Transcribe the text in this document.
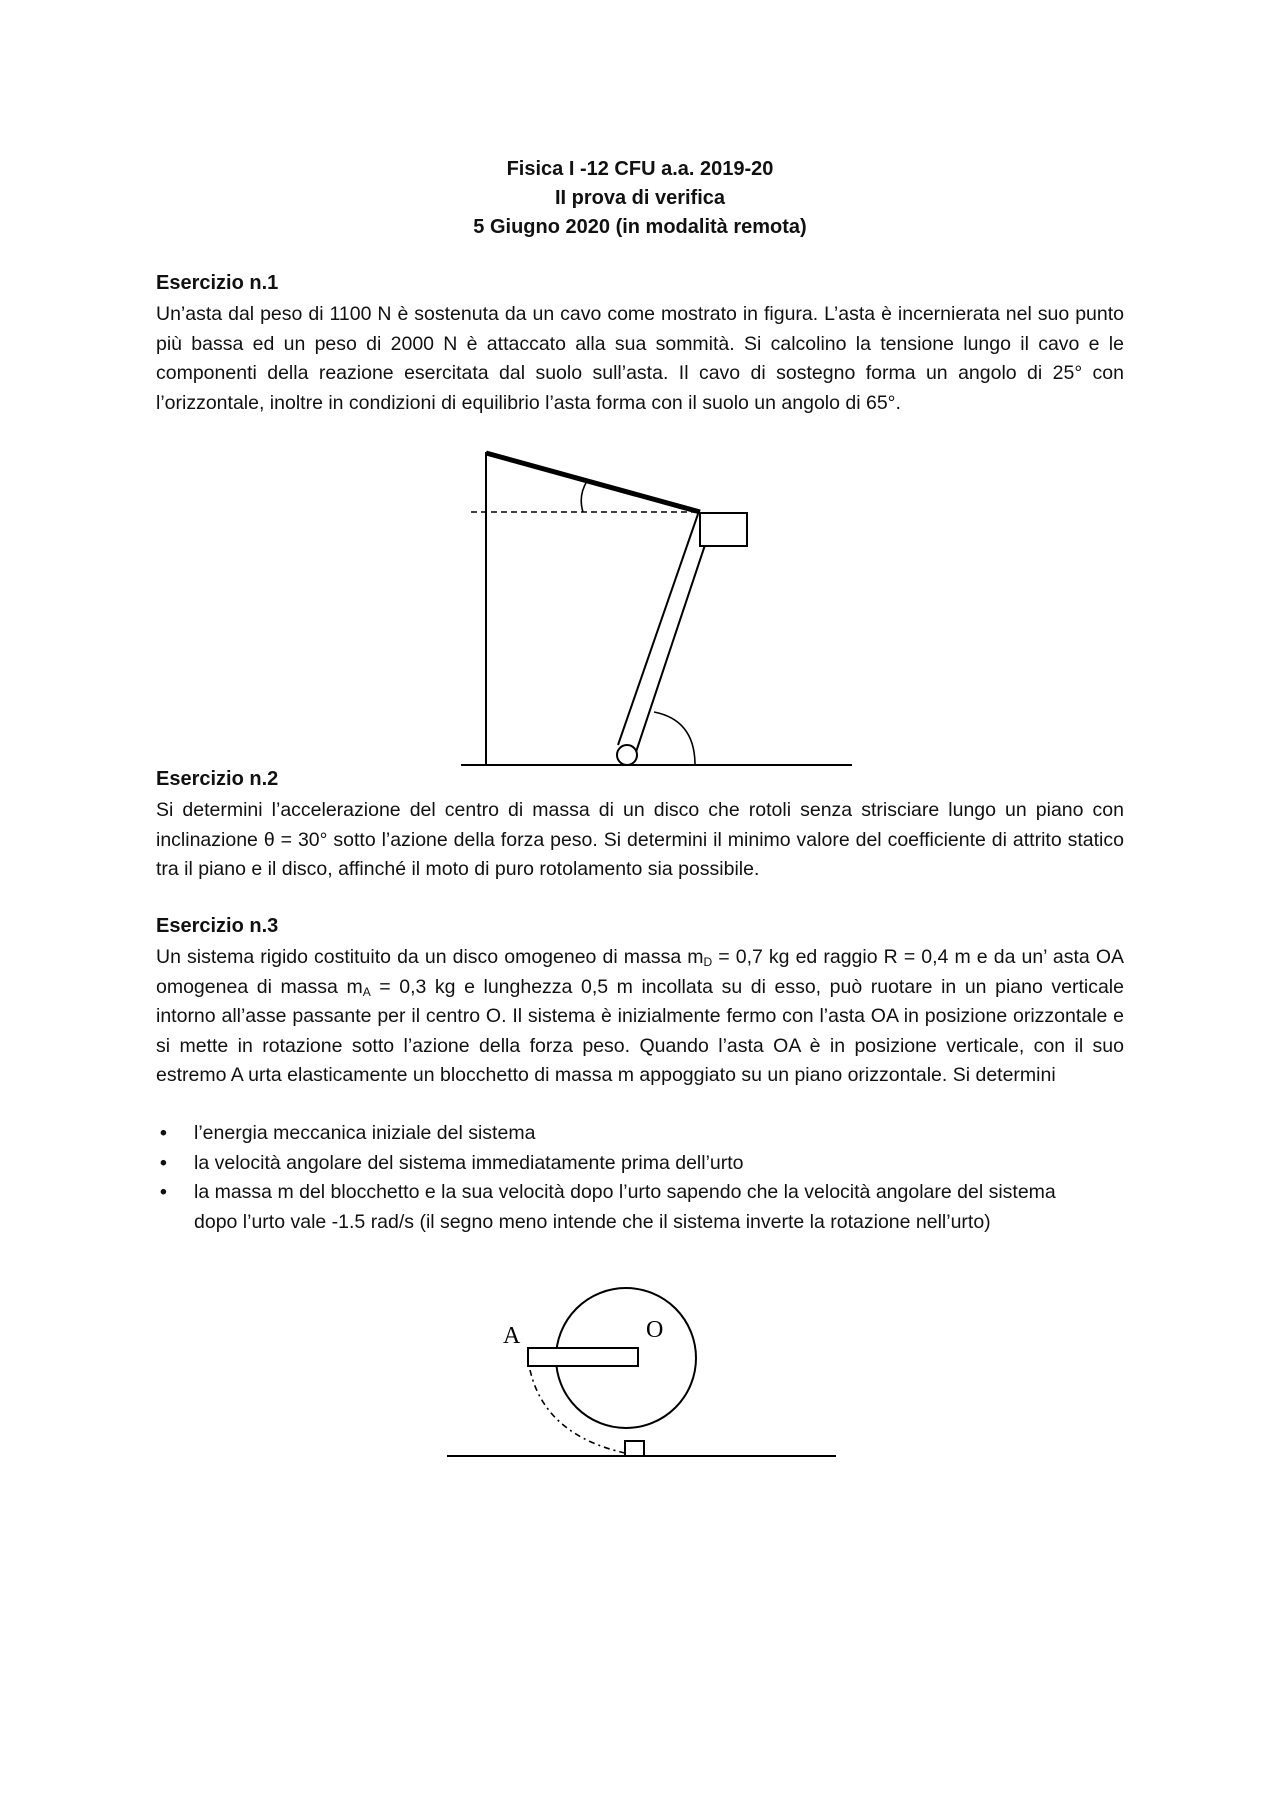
Fisica I -12 CFU a.a. 2019-20
II prova di verifica
5 Giugno 2020 (in modalità remota)
Esercizio n.1
Un’asta dal peso di 1100 N è sostenuta da un cavo come mostrato in figura. L’asta è incernierata nel suo punto più bassa ed un peso di 2000 N è attaccato alla sua sommità. Si calcolino la tensione lungo il cavo e le componenti della reazione esercitata dal suolo sull’asta. Il cavo di sostegno forma un angolo di 25° con l’orizzontale, inoltre in condizioni di equilibrio l’asta forma con il suolo un angolo di 65°.
Esercizio n.2
Si determini l’accelerazione del centro di massa di un disco che rotoli senza strisciare lungo un piano con inclinazione θ = 30° sotto l’azione della forza peso. Si determini il minimo valore del coefficiente di attrito statico tra il piano e il disco, affinché il moto di puro rotolamento sia possibile.
Esercizio n.3
Un sistema rigido costituito da un disco omogeneo di massa $m_D = 0,7$ kg ed raggio R = 0,4 m e da un’ asta OA omogenea di massa $m_A = 0,3$ kg e lunghezza 0,5 m incollata su di esso, può ruotare in un piano verticale intorno all’asse passante per il centro O. Il sistema è inizialmente fermo con l’asta OA in posizione orizzontale e si mette in rotazione sotto l’azione della forza peso. Quando l’asta OA è in posizione verticale, con il suo estremo A urta elasticamente un blocchetto di massa m appoggiato su un piano orizzontale. Si determini
• l’energia meccanica iniziale del sistema
• la velocità angolare del sistema immediatamente prima dell’urto
• la massa m del blocchetto e la sua velocità dopo l’urto sapendo che la velocità angolare del sistema dopo l’urto vale -1.5 rad/s (il segno meno intende che il sistema inverte la rotazione nell’urto)
A	O
